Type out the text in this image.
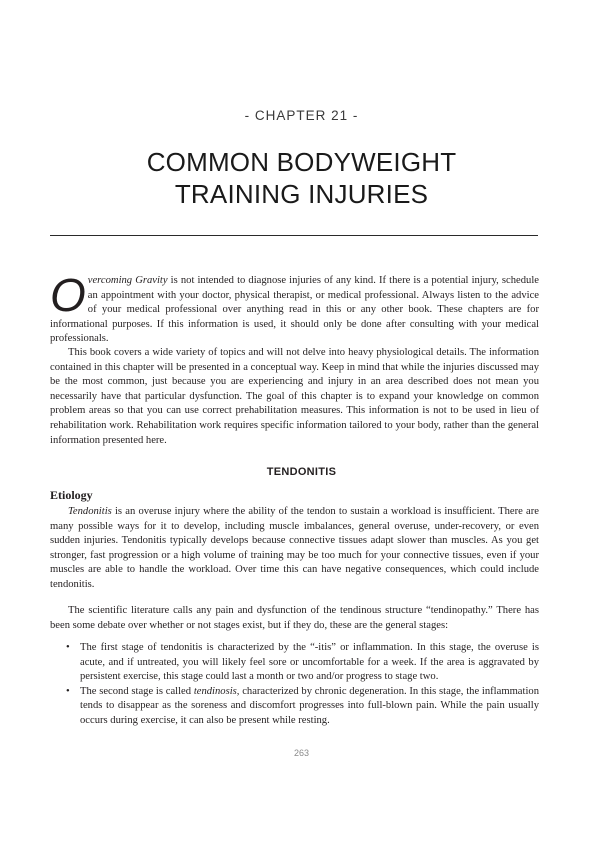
- CHAPTER 21 -
COMMON BODYWEIGHT
TRAINING INJURIES

Overcoming Gravity is not intended to diagnose injuries of any kind. If there is a potential injury, schedule an appointment with your doctor, physical therapist, or medical professional. Always listen to the advice of your medical professional over anything read in this or any other book. These chapters are for informational purposes. If this information is used, it should only be done after consulting with your medical professionals.

This book covers a wide variety of topics and will not delve into heavy physiological details. The information contained in this chapter will be presented in a conceptual way. Keep in mind that while the injuries discussed may be the most common, just because you are experiencing and injury in an area described does not mean you necessarily have that particular dysfunction. The goal of this chapter is to expand your knowledge on common problem areas so that you can use correct prehabilitation measures. This information is not to be used in lieu of rehabilitation work. Rehabilitation work requires specific information tailored to your body, rather than the general information presented here.

TENDONITIS
Etiology

Tendonitis is an overuse injury where the ability of the tendon to sustain a workload is insufficient. There are many possible ways for it to develop, including muscle imbalances, general overuse, under-recovery, or even sudden injuries. Tendonitis typically develops because connective tissues adapt slower than muscles. As you get stronger, fast progression or a high volume of training may be too much for your connective tissues, even if your muscles are able to handle the workload. Over time this can have negative consequences, which could include tendonitis.

The scientific literature calls any pain and dysfunction of the tendinous structure “tendinopathy.” There has been some debate over whether or not stages exist, but if they do, these are the general stages:

• The first stage of tendonitis is characterized by the “-itis” or inflammation. In this stage, the overuse is acute, and if untreated, you will likely feel sore or uncomfortable for a week. If the area is aggravated by persistent exercise, this stage could last a month or two and/or progress to stage two.
• The second stage is called tendinosis, characterized by chronic degeneration. In this stage, the inflammation tends to disappear as the soreness and discomfort progresses into full-blown pain. While the pain usually occurs during exercise, it can also be present while resting.
263
